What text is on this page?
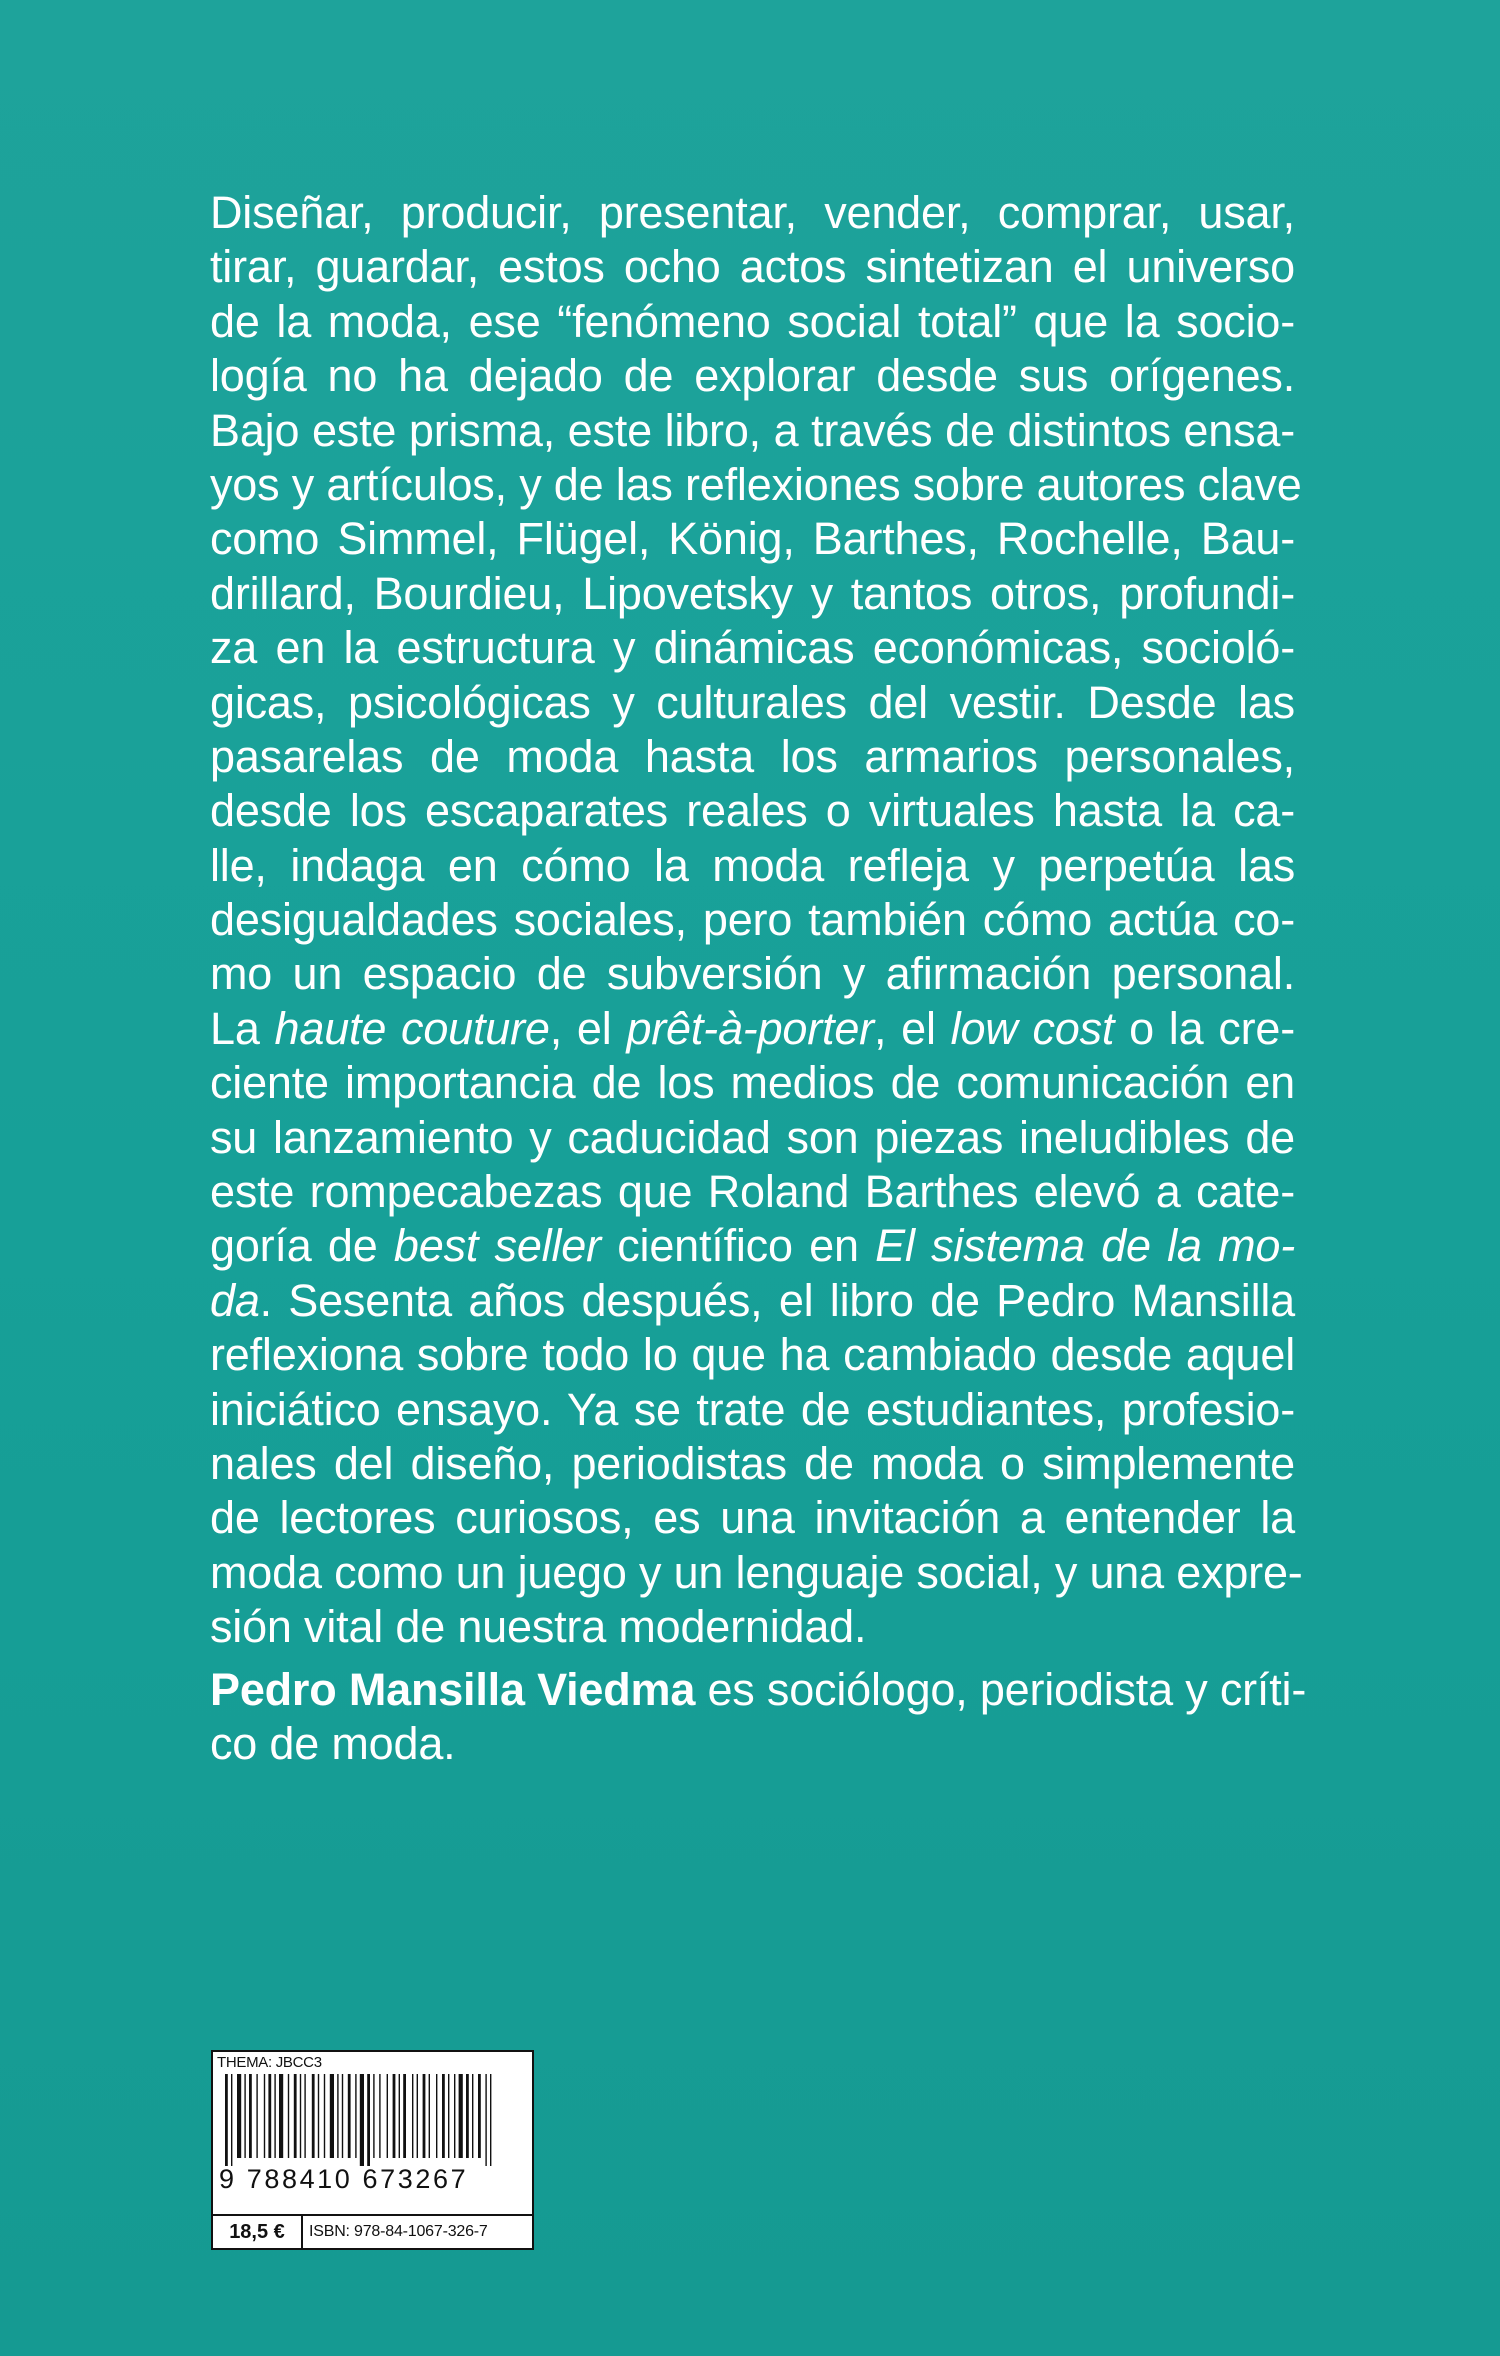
Diseñar, producir, presentar, vender, comprar, usar,
tirar, guardar, estos ocho actos sintetizan el universo
de la moda, ese “fenómeno social total” que la socio-
logía no ha dejado de explorar desde sus orígenes.
Bajo este prisma, este libro, a través de distintos ensa-
yos y artículos, y de las reflexiones sobre autores clave
como Simmel, Flügel, König, Barthes, Rochelle, Bau-
drillard, Bourdieu, Lipovetsky y tantos otros, profundi-
za en la estructura y dinámicas económicas, socioló-
gicas, psicológicas y culturales del vestir. Desde las
pasarelas de moda hasta los armarios personales,
desde los escaparates reales o virtuales hasta la ca-
lle, indaga en cómo la moda refleja y perpetúa las
desigualdades sociales, pero también cómo actúa co-
mo un espacio de subversión y afirmación personal.
La haute couture, el prêt-à-porter, el low cost o la cre-
ciente importancia de los medios de comunicación en
su lanzamiento y caducidad son piezas ineludibles de
este rompecabezas que Roland Barthes elevó a cate-
goría de best seller científico en El sistema de la mo-
da. Sesenta años después, el libro de Pedro Mansilla
reflexiona sobre todo lo que ha cambiado desde aquel
iniciático ensayo. Ya se trate de estudiantes, profesio-
nales del diseño, periodistas de moda o simplemente
de lectores curiosos, es una invitación a entender la
moda como un juego y un lenguaje social, y una expre-
sión vital de nuestra modernidad.
Pedro Mansilla Viedma es sociólogo, periodista y críti-
co de moda.
THEMA: JBCC3
9 788410 673267
18,5 €	ISBN: 978-84-1067-326-7
